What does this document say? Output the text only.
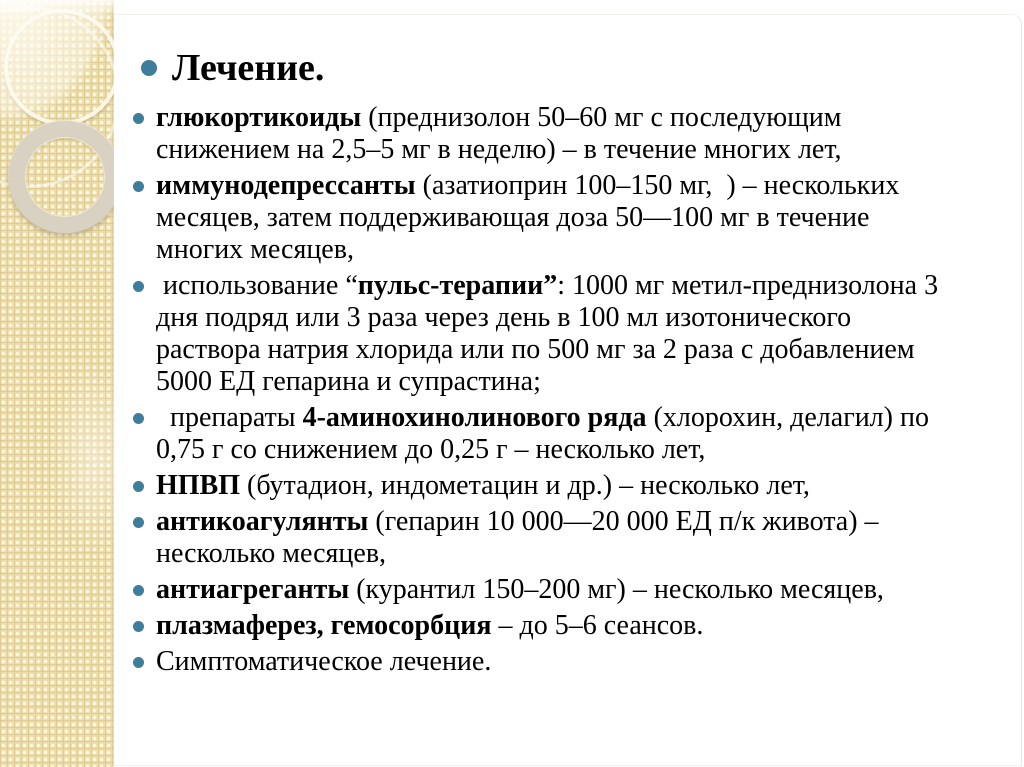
Лечение.
глюкортикоиды (преднизолон 50–60 мг с последующим снижением на 2,5–5 мг в неделю) – в течение многих лет,
иммунодепрессанты (азатиоприн 100–150 мг,  ) – нескольких месяцев, затем поддерживающая доза 50—100 мг в течение многих месяцев,
использование “пульс-терапии”: 1000 мг метил-преднизолона 3 дня подряд или 3 раза через день в 100 мл изотонического раствора натрия хлорида или по 500 мг за 2 раза с добавлением 5000 ЕД гепарина и супрастина;
препараты 4-аминохинолинового ряда (хлорохин, делагил) по 0,75 г со снижением до 0,25 г – несколько лет,
НПВП (бутадион, индометацин и др.) – несколько лет,
антикоагулянты (гепарин 10 000—20 000 ЕД п/к живота) – несколько месяцев,
антиагреганты (курантил 150–200 мг) – несколько месяцев,
плазмаферез, гемосорбция – до 5–6 сеансов.
Симптоматическое лечение.
